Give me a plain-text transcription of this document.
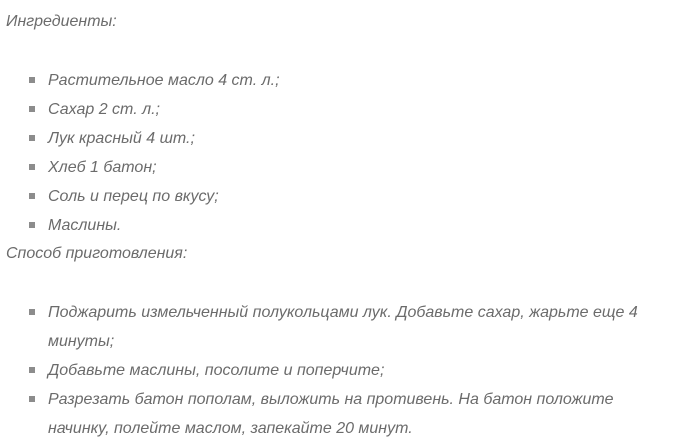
Ингредиенты:

Растительное масло 4 ст. л.;
Сахар 2 ст. л.;
Лук красный 4 шт.;
Хлеб 1 батон;
Соль и перец по вкусу;
Маслины.

Способ приготовления:

Поджарить измельченный полукольцами лук. Добавьте сахар, жарьте еще 4 минуты;
Добавьте маслины, посолите и поперчите;
Разрезать батон пополам, выложить на противень. На батон положите начинку, полейте маслом, запекайте 20 минут.
